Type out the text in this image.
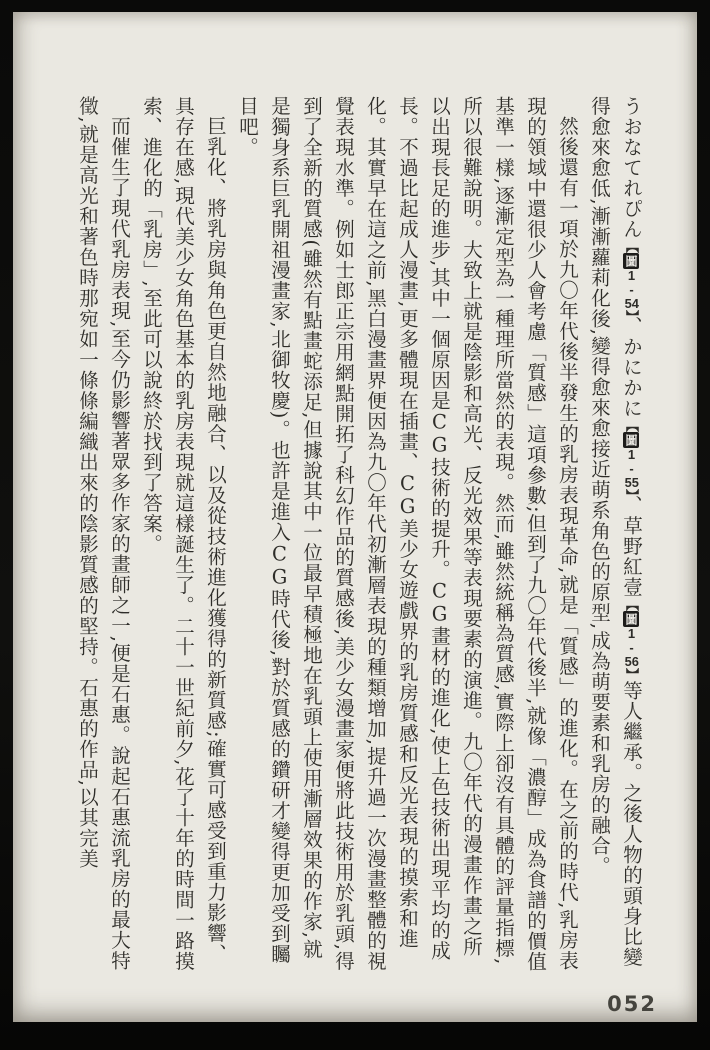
うおなてれぴん【圖1-54】、かにかに【圖1-55】、草野紅壹【圖1-56】等人繼承。之後人物的頭身比變得愈來愈低,漸漸蘿莉化後,變得愈來愈接近萌系角色的原型,成為萌要素和乳房的融合。

然後還有一項於九〇年代後半發生的乳房表現革命,就是「質感」的進化。在之前的時代,乳房表現的領域中還很少人會考慮「質感」這項參數;但到了九〇年代後半,就像「濃醇」成為食譜的價值基準一樣,逐漸定型為一種理所當然的表現。然而,雖然統稱為質感,實際上卻沒有具體的評量指標,所以很難說明。大致上就是陰影和高光、反光效果等表現要素的演進。九〇年代的漫畫作畫之所以出現長足的進步,其中一個原因是CG技術的提升。CG畫材的進化,使上色技術出現平均的成長。不過比起成人漫畫,更多體現在插畫、CG美少女遊戲界的乳房質感和反光表現的摸索和進化。其實早在這之前,黑白漫畫界便因為九〇年代初漸層表現的種類增加,提升過一次漫畫整體的視覺表現水準。例如士郎正宗用網點開拓了科幻作品的質感後,美少女漫畫家便將此技術用於乳頭,得到了全新的質感(雖然有點畫蛇添足,但據說其中一位最早積極地在乳頭上使用漸層效果的作家,就是獨身系巨乳開祖漫畫家,北御牧慶)。也許是進入CG時代後,對於質感的鑽研才變得更加受到矚目吧。

巨乳化、將乳房與角色更自然地融合、以及從技術進化獲得的新質感;確實可感受到重力影響、具存在感,現代美少女角色基本的乳房表現就這樣誕生了。二十一世紀前夕,花了十年的時間一路摸索、進化的「乳房」,至此可以說終於找到了答案。

而催生了現代乳房表現,至今仍影響著眾多作家的畫師之一,便是石惠。說起石惠流乳房的最大特徵,就是高光和著色時那宛如一條條編織出來的陰影質感的堅持。石惠的作品,以其完美

052
